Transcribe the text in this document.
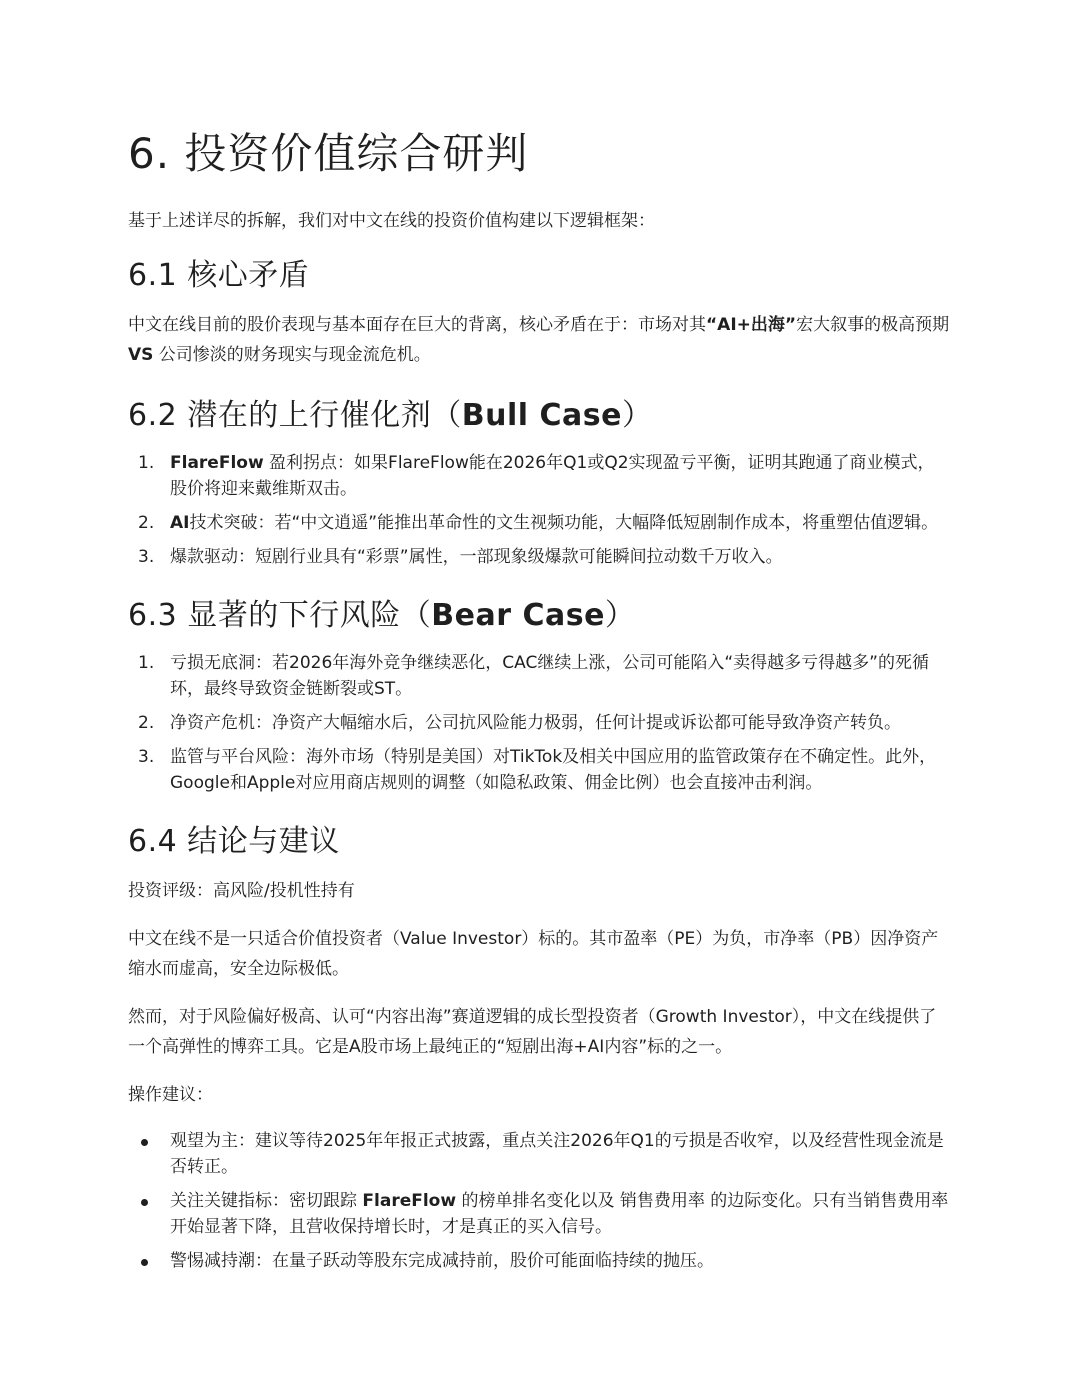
6. 投资价值综合研判

基于上述详尽的拆解，我们对中文在线的投资价值构建以下逻辑框架：

6.1 核心矛盾

中文在线目前的股价表现与基本面存在巨大的背离，核心矛盾在于：市场对其“AI+出海”宏大叙事的极高预期 VS 公司惨淡的财务现实与现金流危机。

6.2 潜在的上行催化剂（Bull Case）
1. FlareFlow 盈利拐点：如果FlareFlow能在2026年Q1或Q2实现盈亏平衡，证明其跑通了商业模式，股价将迎来戴维斯双击。
2. AI技术突破：若“中文逍遥”能推出革命性的文生视频功能，大幅降低短剧制作成本，将重塑估值逻辑。
3. 爆款驱动：短剧行业具有“彩票”属性，一部现象级爆款可能瞬间拉动数千万收入。
6.3 显著的下行风险（Bear Case）
1. 亏损无底洞：若2026年海外竞争继续恶化，CAC继续上涨，公司可能陷入“卖得越多亏得越多”的死循环，最终导致资金链断裂或ST。
2. 净资产危机：净资产大幅缩水后，公司抗风险能力极弱，任何计提或诉讼都可能导致净资产转负。
3. 监管与平台风险：海外市场（特别是美国）对TikTok及相关中国应用的监管政策存在不确定性。此外，Google和Apple对应用商店规则的调整（如隐私政策、佣金比例）也会直接冲击利润。
6.4 结论与建议

投资评级：高风险/投机性持有

中文在线不是一只适合价值投资者（Value Investor）标的。其市盈率（PE）为负，市净率（PB）因净资产缩水而虚高，安全边际极低。

然而，对于风险偏好极高、认可“内容出海”赛道逻辑的成长型投资者（Growth Investor），中文在线提供了一个高弹性的博弈工具。它是A股市场上最纯正的“短剧出海+AI内容”标的之一。

操作建议：

观望为主：建议等待2025年年报正式披露，重点关注2026年Q1的亏损是否收窄，以及经营性现金流是否转正。
关注关键指标：密切跟踪 FlareFlow 的榜单排名变化以及 销售费用率 的边际变化。只有当销售费用率开始显著下降，且营收保持增长时，才是真正的买入信号。
警惕减持潮：在量子跃动等股东完成减持前，股价可能面临持续的抛压。
